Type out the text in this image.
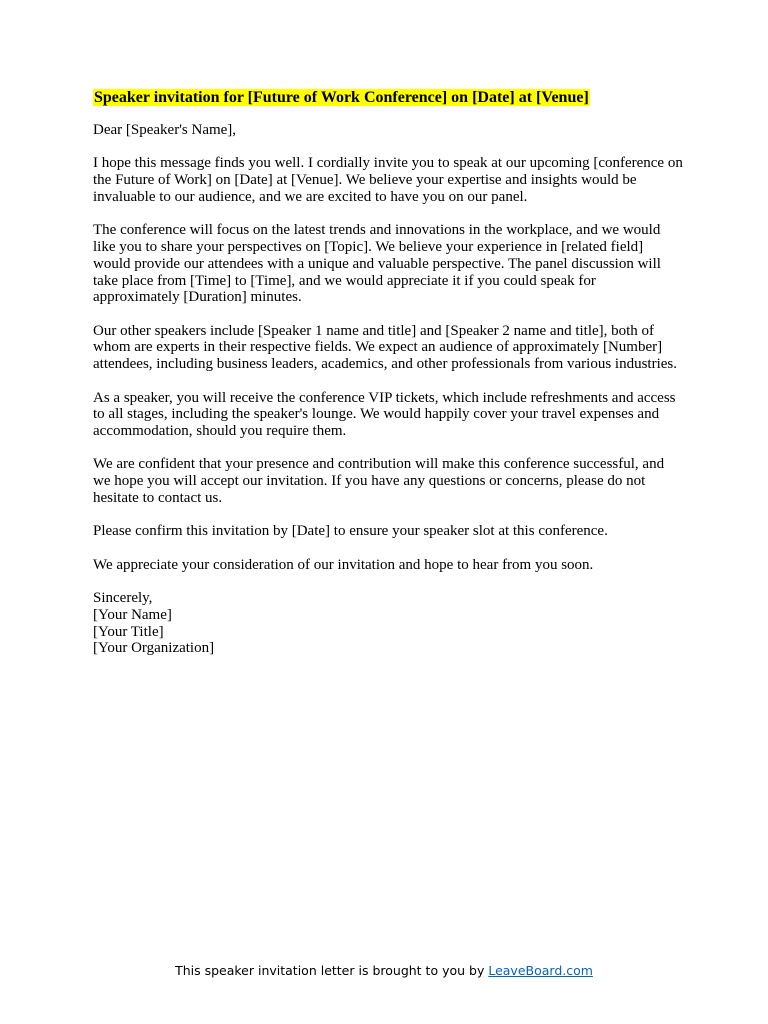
Speaker invitation for [Future of Work Conference] on [Date] at [Venue]

Dear [Speaker's Name],

I hope this message finds you well. I cordially invite you to speak at our upcoming [conference on the Future of Work] on [Date] at [Venue]. We believe your expertise and insights would be invaluable to our audience, and we are excited to have you on our panel.

The conference will focus on the latest trends and innovations in the workplace, and we would like you to share your perspectives on [Topic]. We believe your experience in [related field] would provide our attendees with a unique and valuable perspective. The panel discussion will take place from [Time] to [Time], and we would appreciate it if you could speak for approximately [Duration] minutes.

Our other speakers include [Speaker 1 name and title] and [Speaker 2 name and title], both of whom are experts in their respective fields. We expect an audience of approximately [Number] attendees, including business leaders, academics, and other professionals from various industries.

As a speaker, you will receive the conference VIP tickets, which include refreshments and access to all stages, including the speaker's lounge. We would happily cover your travel expenses and accommodation, should you require them.

We are confident that your presence and contribution will make this conference successful, and we hope you will accept our invitation. If you have any questions or concerns, please do not hesitate to contact us.

Please confirm this invitation by [Date] to ensure your speaker slot at this conference.

We appreciate your consideration of our invitation and hope to hear from you soon.

Sincerely,
[Your Name]
[Your Title]
[Your Organization]
This speaker invitation letter is brought to you by LeaveBoard.com
